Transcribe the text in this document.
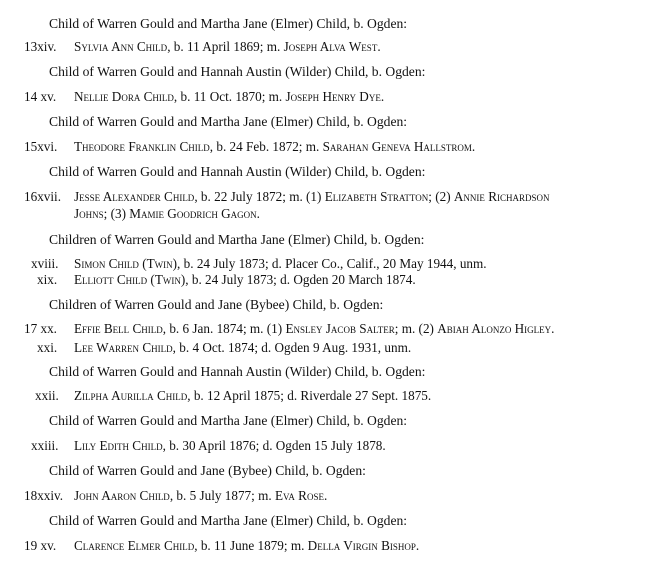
Child of Warren Gould and Martha Jane (Elmer) Child, b. Ogden:
13xiv. Sylvia Ann Child, b. 11 April 1869; m. Joseph Alva West.
Child of Warren Gould and Hannah Austin (Wilder) Child, b. Ogden:
14 xv. Nellie Dora Child, b. 11 Oct. 1870; m. Joseph Henry Dye.
Child of Warren Gould and Martha Jane (Elmer) Child, b. Ogden:
15xvi. Theodore Franklin Child, b. 24 Feb. 1872; m. Sarahan Geneva Hallstrom.
Child of Warren Gould and Hannah Austin (Wilder) Child, b. Ogden:
16xvii. Jesse Alexander Child, b. 22 July 1872; m. (1) Elizabeth Stratton; (2) Annie Richardson
Johns; (3) Mamie Goodrich Gagon.
Children of Warren Gould and Martha Jane (Elmer) Child, b. Ogden:
xviii. Simon Child (Twin), b. 24 July 1873; d. Placer Co., Calif., 20 May 1944, unm.
xix. Elliott Child (Twin), b. 24 July 1873; d. Ogden 20 March 1874.
Children of Warren Gould and Jane (Bybee) Child, b. Ogden:
17 xx. Effie Bell Child, b. 6 Jan. 1874; m. (1) Ensley Jacob Salter; m. (2) Abiah Alonzo Higley.
xxi. Lee Warren Child, b. 4 Oct. 1874; d. Ogden 9 Aug. 1931, unm.
Child of Warren Gould and Hannah Austin (Wilder) Child, b. Ogden:
xxii. Zilpha Aurilla Child, b. 12 April 1875; d. Riverdale 27 Sept. 1875.
Child of Warren Gould and Martha Jane (Elmer) Child, b. Ogden:
xxiii. Lily Edith Child, b. 30 April 1876; d. Ogden 15 July 1878.
Child of Warren Gould and Jane (Bybee) Child, b. Ogden:
18xxiv. John Aaron Child, b. 5 July 1877; m. Eva Rose.
Child of Warren Gould and Martha Jane (Elmer) Child, b. Ogden:
19 xv. Clarence Elmer Child, b. 11 June 1879; m. Della Virgin Bishop.
